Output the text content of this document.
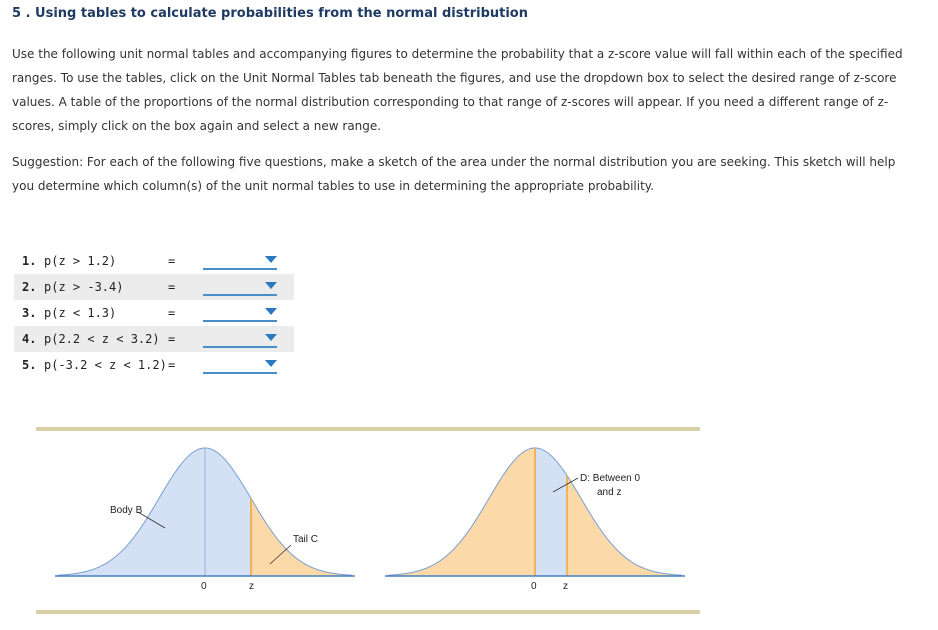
5 . Using tables to calculate probabilities from the normal distribution
Use the following unit normal tables and accompanying figures to determine the probability that a z-score value will fall within each of the specified ranges. To use the tables, click on the Unit Normal Tables tab beneath the figures, and use the dropdown box to select the desired range of z-score values. A table of the proportions of the normal distribution corresponding to that range of z-scores will appear. If you need a different range of z-scores, simply click on the box again and select a new range.
Suggestion: For each of the following five questions, make a sketch of the area under the normal distribution you are seeking. This sketch will help you determine which column(s) of the unit normal tables to use in determining the appropriate probability.
1. p(z > 1.2)	=
2. p(z > -3.4)	=
3. p(z < 1.3)	=
4. p(2.2 < z < 3.2) =
5. p(-3.2 < z < 1.2) =
Body B
Tail C
0	z
D: Between 0
and z
0	z
